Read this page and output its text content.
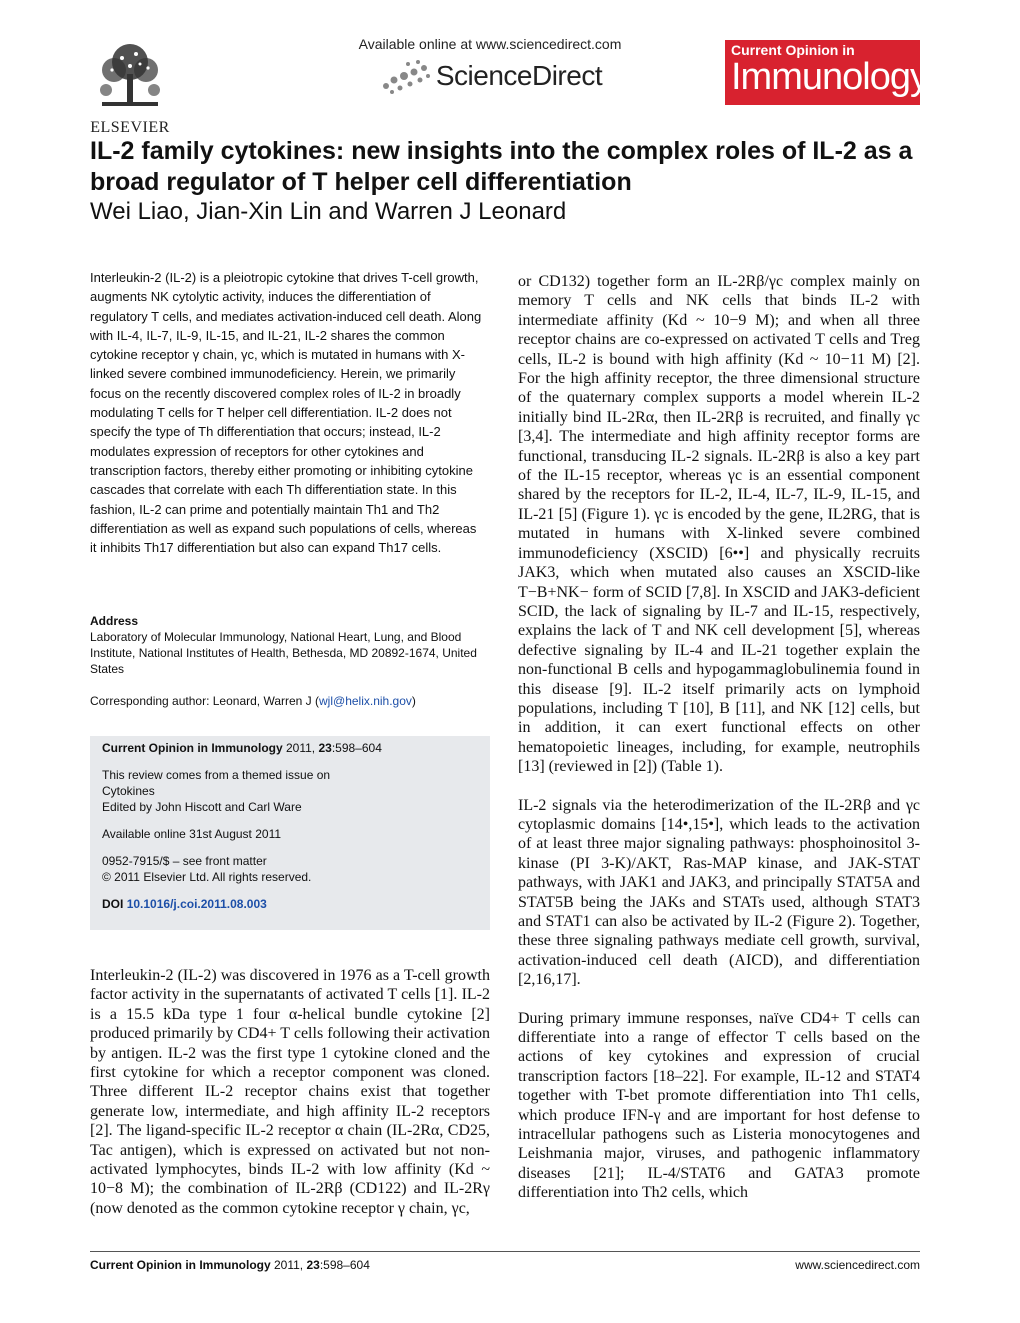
ELSEVIER
Available online at www.sciencedirect.com
ScienceDirect
Current Opinion in
Immunology
IL-2 family cytokines: new insights into the complex roles of IL-2 as a broad regulator of T helper cell differentiation
Wei Liao, Jian-Xin Lin and Warren J Leonard

Interleukin-2 (IL-2) is a pleiotropic cytokine that drives T-cell growth, augments NK cytolytic activity, induces the differentiation of regulatory T cells, and mediates activation-induced cell death. Along with IL-4, IL-7, IL-9, IL-15, and IL-21, IL-2 shares the common cytokine receptor γ chain, γc, which is mutated in humans with X-linked severe combined immunodeficiency. Herein, we primarily focus on the recently discovered complex roles of IL-2 in broadly modulating T cells for T helper cell differentiation. IL-2 does not specify the type of Th differentiation that occurs; instead, IL-2 modulates expression of receptors for other cytokines and transcription factors, thereby either promoting or inhibiting cytokine cascades that correlate with each Th differentiation state. In this fashion, IL-2 can prime and potentially maintain Th1 and Th2 differentiation as well as expand such populations of cells, whereas it inhibits Th17 differentiation but also can expand Th17 cells.

Address

Laboratory of Molecular Immunology, National Heart, Lung, and Blood Institute, National Institutes of Health, Bethesda, MD 20892-1674, United States

Corresponding author: Leonard, Warren J (wjl@helix.nih.gov)

Current Opinion in Immunology 2011, 23:598–604

This review comes from a themed issue on

Cytokines

Edited by John Hiscott and Carl Ware

Available online 31st August 2011

0952-7915/$ – see front matter

© 2011 Elsevier Ltd. All rights reserved.

DOI 10.1016/j.coi.2011.08.003

Interleukin-2 (IL-2) was discovered in 1976 as a T-cell growth factor activity in the supernatants of activated T cells [1]. IL-2 is a 15.5 kDa type 1 four α-helical bundle cytokine [2] produced primarily by CD4+ T cells following their activation by antigen. IL-2 was the first type 1 cytokine cloned and the first cytokine for which a receptor component was cloned. Three different IL-2 receptor chains exist that together generate low, intermediate, and high affinity IL-2 receptors [2]. The ligand-specific IL-2 receptor α chain (IL-2Rα, CD25, Tac antigen), which is expressed on activated but not non-activated lymphocytes, binds IL-2 with low affinity (Kd ~ 10−8 M); the combination of IL-2Rβ (CD122) and IL-2Rγ (now denoted as the common cytokine receptor γ chain, γc,

or CD132) together form an IL-2Rβ/γc complex mainly on memory T cells and NK cells that binds IL-2 with intermediate affinity (Kd ~ 10−9 M); and when all three receptor chains are co-expressed on activated T cells and Treg cells, IL-2 is bound with high affinity (Kd ~ 10−11 M) [2]. For the high affinity receptor, the three dimensional structure of the quaternary complex supports a model wherein IL-2 initially bind IL-2Rα, then IL-2Rβ is recruited, and finally γc [3,4]. The intermediate and high affinity receptor forms are functional, transducing IL-2 signals. IL-2Rβ is also a key part of the IL-15 receptor, whereas γc is an essential component shared by the receptors for IL-2, IL-4, IL-7, IL-9, IL-15, and IL-21 [5] (Figure 1). γc is encoded by the gene, IL2RG, that is mutated in humans with X-linked severe combined immunodeficiency (XSCID) [6••] and physically recruits JAK3, which when mutated also causes an XSCID-like T−B+NK− form of SCID [7,8]. In XSCID and JAK3-deficient SCID, the lack of signaling by IL-7 and IL-15, respectively, explains the lack of T and NK cell development [5], whereas defective signaling by IL-4 and IL-21 together explain the non-functional B cells and hypogammaglobulinemia found in this disease [9]. IL-2 itself primarily acts on lymphoid populations, including T [10], B [11], and NK [12] cells, but in addition, it can exert functional effects on other hematopoietic lineages, including, for example, neutrophils [13] (reviewed in [2]) (Table 1).

IL-2 signals via the heterodimerization of the IL-2Rβ and γc cytoplasmic domains [14•,15•], which leads to the activation of at least three major signaling pathways: phosphoinositol 3-kinase (PI 3-K)/AKT, Ras-MAP kinase, and JAK-STAT pathways, with JAK1 and JAK3, and principally STAT5A and STAT5B being the JAKs and STATs used, although STAT3 and STAT1 can also be activated by IL-2 (Figure 2). Together, these three signaling pathways mediate cell growth, survival, activation-induced cell death (AICD), and differentiation [2,16,17].

During primary immune responses, naïve CD4+ T cells can differentiate into a range of effector T cells based on the actions of key cytokines and expression of crucial transcription factors [18–22]. For example, IL-12 and STAT4 together with T-bet promote differentiation into Th1 cells, which produce IFN-γ and are important for host defense to intracellular pathogens such as Listeria monocytogenes and Leishmania major, viruses, and pathogenic inflammatory diseases [21]; IL-4/STAT6 and GATA3 promote differentiation into Th2 cells, which

Current Opinion in Immunology 2011, 23:598–604	www.sciencedirect.com
